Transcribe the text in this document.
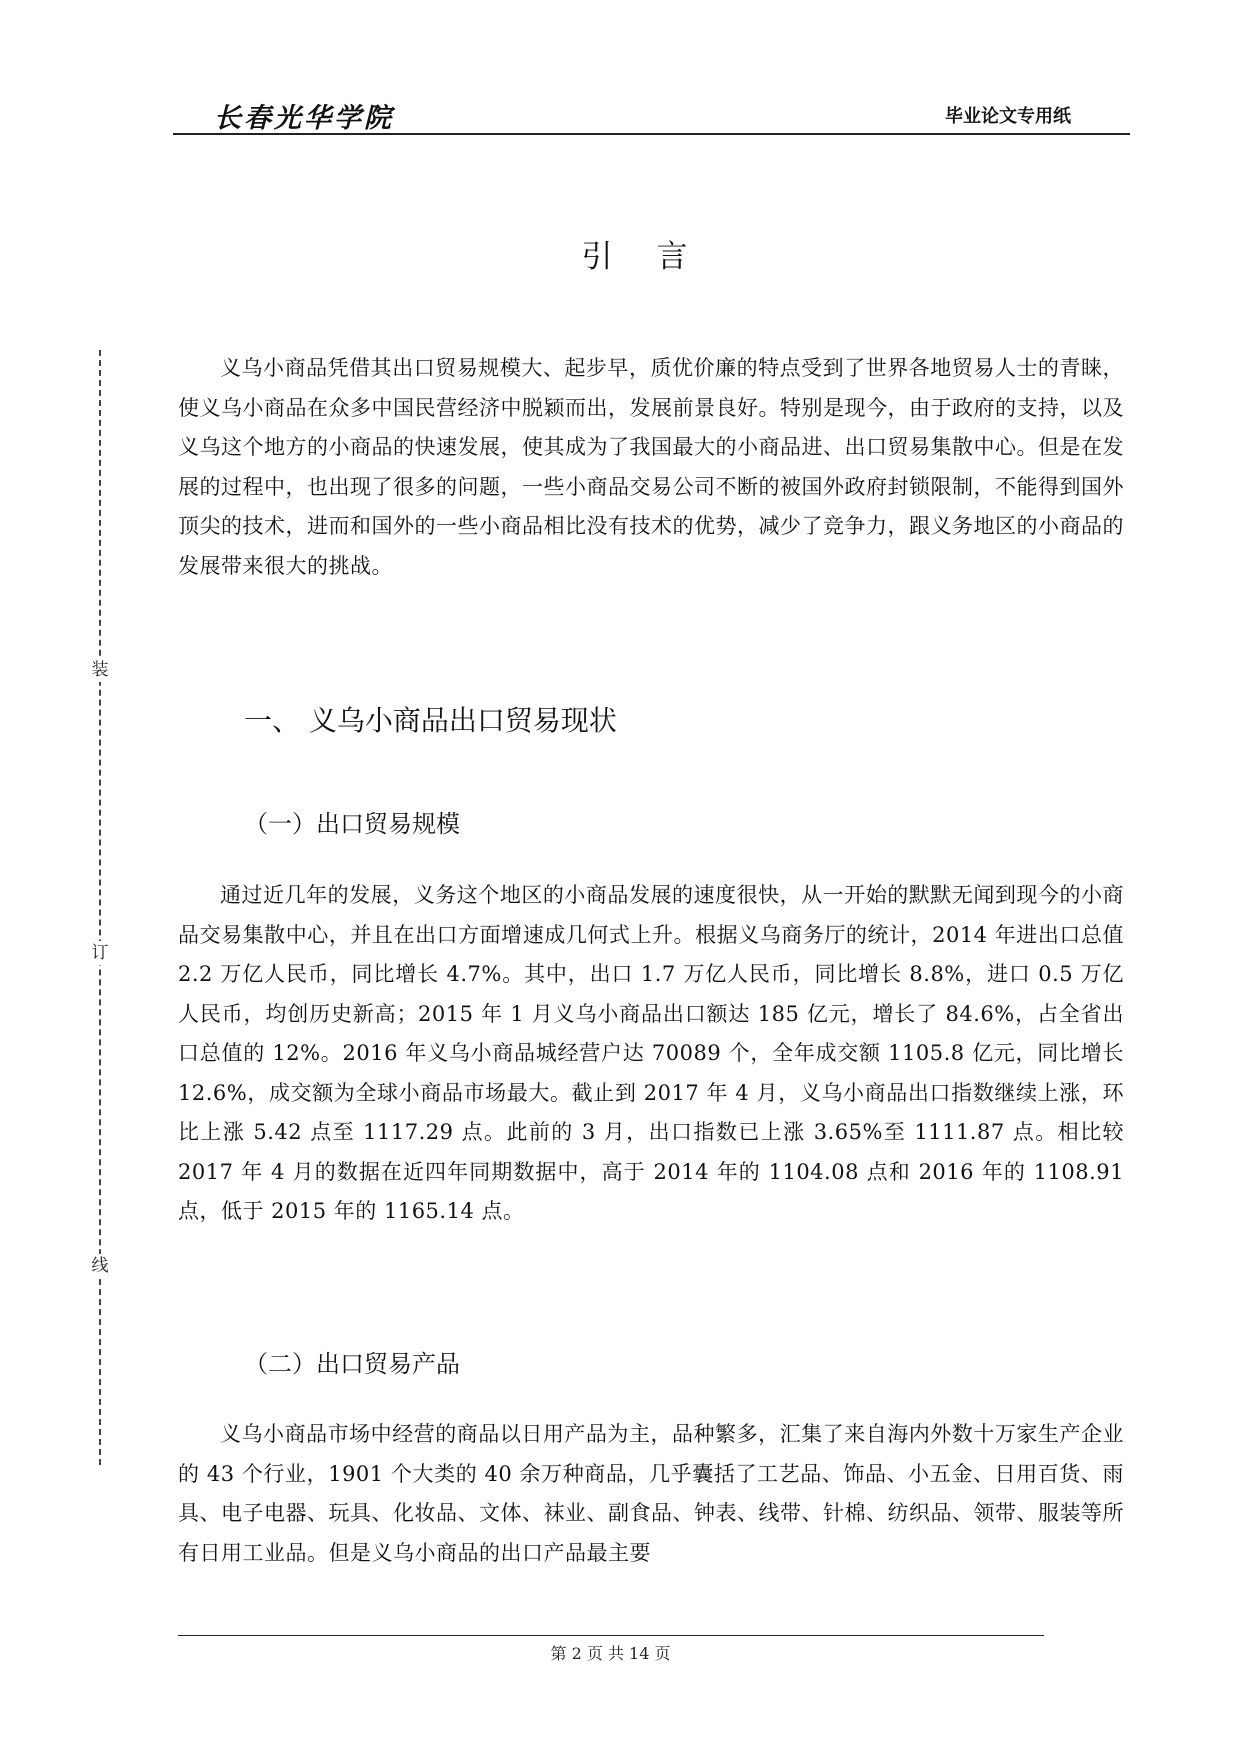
长春光华学院	毕业论文专用纸
装
订
线
引言

义乌小商品凭借其出口贸易规模大、起步早，质优价廉的特点受到了世界各地贸易人士的青睐，使义乌小商品在众多中国民营经济中脱颖而出，发展前景良好。特别是现今，由于政府的支持，以及义乌这个地方的小商品的快速发展，使其成为了我国最大的小商品进、出口贸易集散中心。但是在发展的过程中，也出现了很多的问题，一些小商品交易公司不断的被国外政府封锁限制，不能得到国外顶尖的技术，进而和国外的一些小商品相比没有技术的优势，减少了竞争力，跟义务地区的小商品的发展带来很大的挑战。

一、 义乌小商品出口贸易现状
（一）出口贸易规模

通过近几年的发展，义务这个地区的小商品发展的速度很快，从一开始的默默无闻到现今的小商品交易集散中心，并且在出口方面增速成几何式上升。根据义乌商务厅的统计，2014 年进出口总值 2.2 万亿人民币，同比增长 4.7%。其中，出口 1.7 万亿人民币，同比增长 8.8%，进口 0.5 万亿人民币，均创历史新高；2015 年 1 月义乌小商品出口额达 185 亿元，增长了 84.6%，占全省出口总值的 12%。2016 年义乌小商品城经营户达 70089 个，全年成交额 1105.8 亿元，同比增长 12.6%，成交额为全球小商品市场最大。截止到 2017 年 4 月，义乌小商品出口指数继续上涨，环比上涨 5.42 点至 1117.29 点。此前的 3 月，出口指数已上涨 3.65%至 1111.87 点。相比较 2017 年 4 月的数据在近四年同期数据中，高于 2014 年的 1104.08 点和 2016 年的 1108.91 点，低于 2015 年的 1165.14 点。

（二）出口贸易产品

义乌小商品市场中经营的商品以日用产品为主，品种繁多，汇集了来自海内外数十万家生产企业的 43 个行业，1901 个大类的 40 余万种商品，几乎囊括了工艺品、饰品、小五金、日用百货、雨具、电子电器、玩具、化妆品、文体、袜业、副食品、钟表、线带、针棉、纺织品、领带、服装等所有日用工业品。但是义乌小商品的出口产品最主要

第 2 页 共 14 页
